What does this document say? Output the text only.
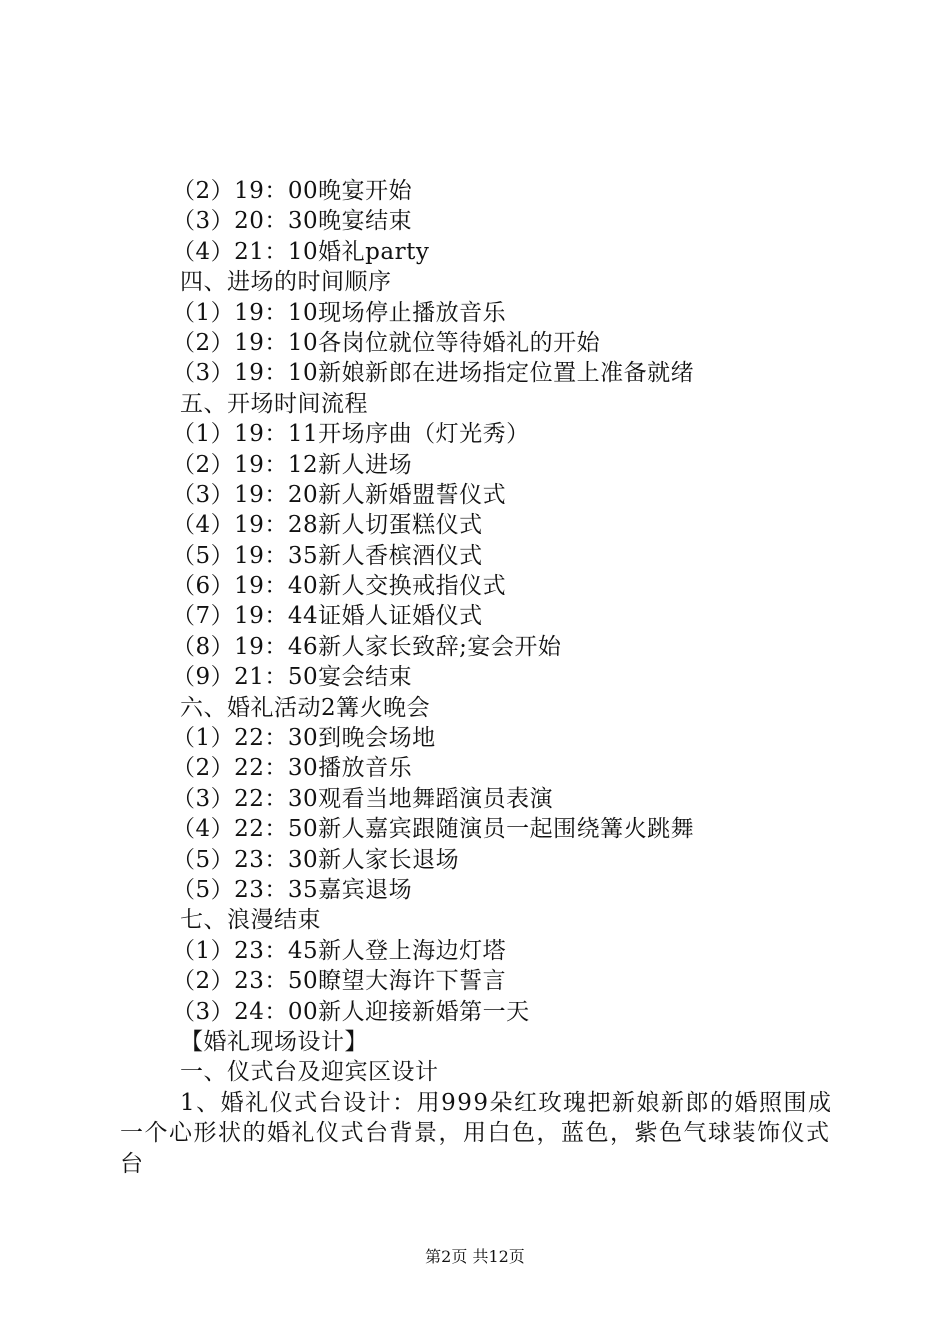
（2）19：00晚宴开始
（3）20：30晚宴结束
（4）21：10婚礼party
四、进场的时间顺序
（1）19：10现场停止播放音乐
（2）19：10各岗位就位等待婚礼的开始
（3）19：10新娘新郎在进场指定位置上准备就绪
五、开场时间流程
（1）19：11开场序曲（灯光秀）
（2）19：12新人进场
（3）19：20新人新婚盟誓仪式
（4）19：28新人切蛋糕仪式
（5）19：35新人香槟酒仪式
（6）19：40新人交换戒指仪式
（7）19：44证婚人证婚仪式
（8）19：46新人家长致辞;宴会开始
（9）21：50宴会结束
六、婚礼活动2篝火晚会
（1）22：30到晚会场地
（2）22：30播放音乐
（3）22：30观看当地舞蹈演员表演
（4）22：50新人嘉宾跟随演员一起围绕篝火跳舞
（5）23：30新人家长退场
（5）23：35嘉宾退场
七、浪漫结束
（1）23：45新人登上海边灯塔
（2）23：50瞭望大海许下誓言
（3）24：00新人迎接新婚第一天
【婚礼现场设计】
一、仪式台及迎宾区设计
1、婚礼仪式台设计：用999朵红玫瑰把新娘新郎的婚照围成一个心形状的婚礼仪式台背景，用白色，蓝色，紫色气球装饰仪式台
第2页 共12页
